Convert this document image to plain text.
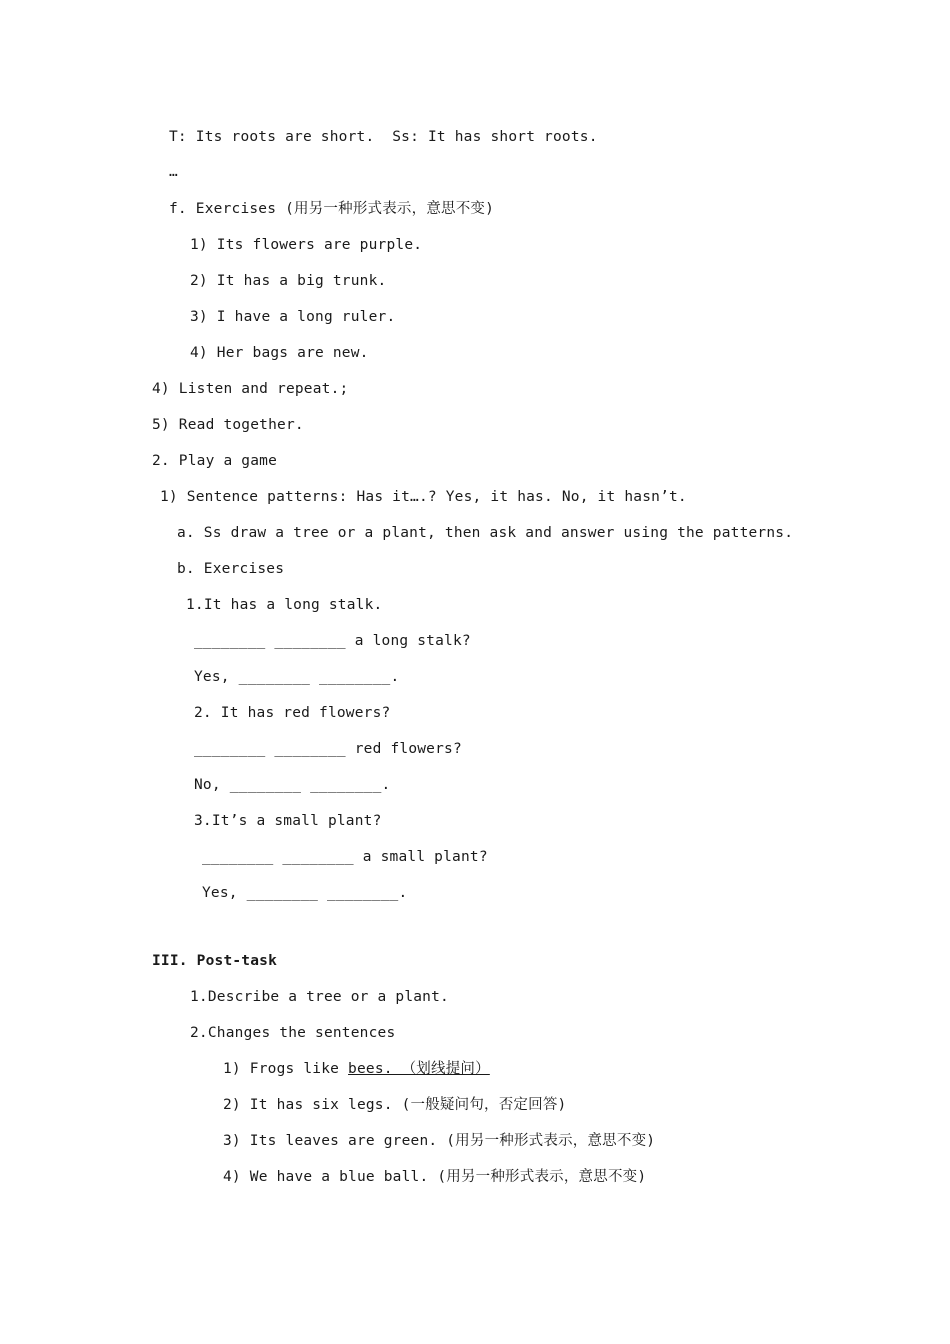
T: Its roots are short.  Ss: It has short roots.
…
f. Exercises (用另一种形式表示，意思不变)
1) Its flowers are purple.
2) It has a big trunk.
3) I have a long ruler.
4) Her bags are new.
4) Listen and repeat.;
5) Read together.
2. Play a game
1) Sentence patterns: Has it….? Yes, it has. No, it hasn’t.
a. Ss draw a tree or a plant, then ask and answer using the patterns.
b. Exercises
1.It has a long stalk.
________ ________ a long stalk?
Yes, ________ ________.
2. It has red flowers?
________ ________ red flowers?
No, ________ ________.
3.It’s a small plant?
________ ________ a small plant?
Yes, ________ ________.
III. Post-task
1.Describe a tree or a plant.
2.Changes the sentences
1) Frogs like bees. （划线提问）
2) It has six legs. (一般疑问句，否定回答)
3) Its leaves are green. (用另一种形式表示，意思不变)
4) We have a blue ball. (用另一种形式表示，意思不变)
